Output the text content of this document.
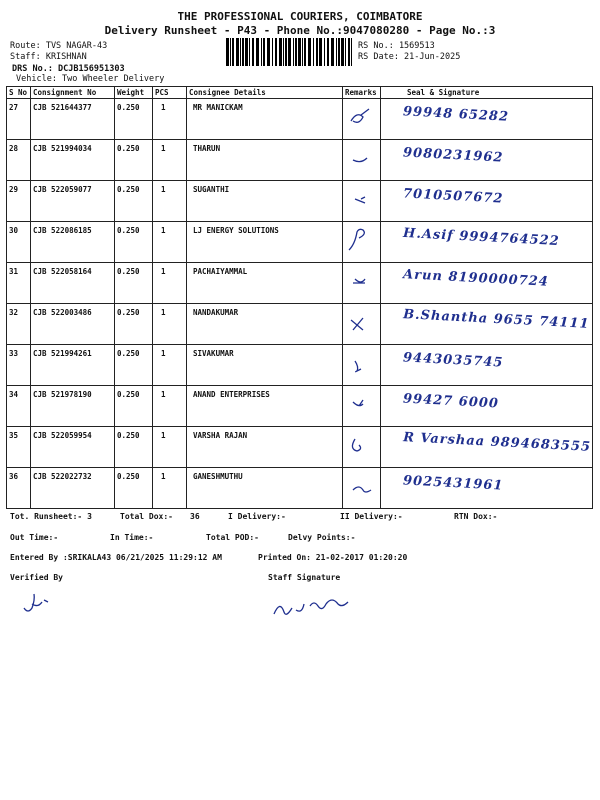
THE PROFESSIONAL COURIERS, COIMBATORE
Delivery Runsheet - P43 - Phone No.:9047080280 - Page No.:3
Route: TVS NAGAR-43
Staff: KRISHNAN
DRS No.: DCJB156951303
Vehicle: Two Wheeler Delivery
RS No.: 1569513
RS Date: 21-Jun-2025
S No	Consignment No	Weight	PCS	Consignee Details	Remarks	Seal & Signature
27	CJB 521644377	0.250	1	MR MANICKAM		99948 65282

28	CJB 521994034	0.250	1	THARUN		9080231962

29	CJB 522059077	0.250	1	SUGANTHI		7010507672

30	CJB 522086185	0.250	1	LJ ENERGY SOLUTIONS		H.Asif 9994764522

31	CJB 522058164	0.250	1	PACHAIYAMMAL		Arun 8190000724

32	CJB 522003486	0.250	1	NANDAKUMAR		B.Shantha 9655 74111

33	CJB 521994261	0.250	1	SIVAKUMAR		9443035745

34	CJB 521978190	0.250	1	ANAND ENTERPRISES		99427 6000

35	CJB 522059954	0.250	1	VARSHA RAJAN		R Varshaa 9894683555

36	CJB 522022732	0.250	1	GANESHMUTHU		9025431961
Tot. Runsheet:- 3	Total Dox:- 36	I Delivery:-	II Delivery:-	RTN Dox:-
Out Time:-	In Time:-	Total POD:-	Delvy Points:-
Entered By :SRIKALA43 06/21/2025 11:29:12 AM	Printed On: 21-02-2017 01:20:20
Verified By	Staff Signature
